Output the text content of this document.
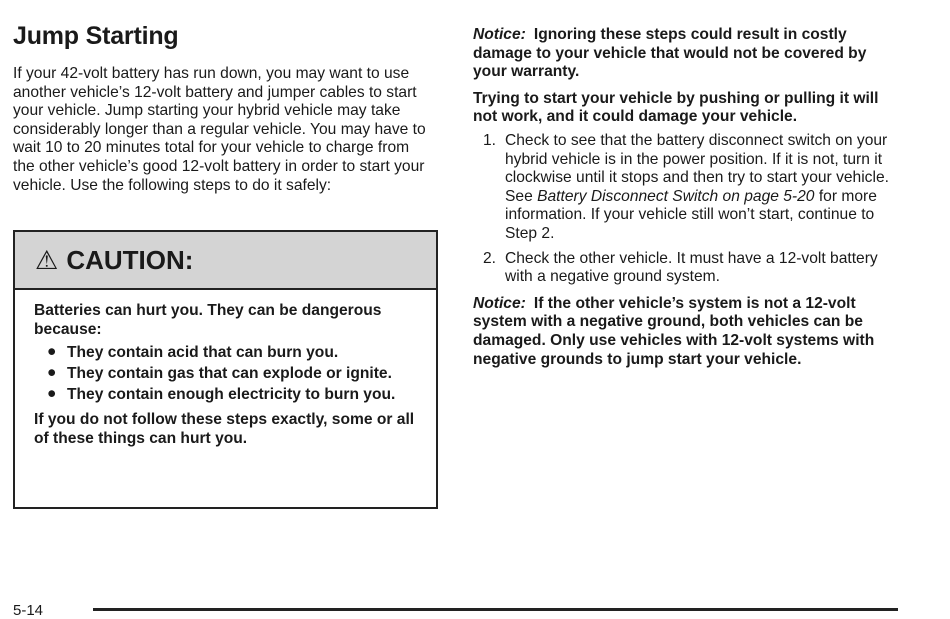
Jump Starting

If your 42-volt battery has run down, you may want to use another vehicle’s 12-volt battery and jumper cables to start your vehicle. Jump starting your hybrid vehicle may take considerably longer than a regular vehicle. You may have to wait 10 to 20 minutes total for your vehicle to charge from the other vehicle’s good 12-volt battery in order to start your vehicle. Use the following steps to do it safely:

⚠︎ CAUTION:

Batteries can hurt you. They can be dangerous because:

● They contain acid that can burn you.
● They contain gas that can explode or ignite.
● They contain enough electricity to burn you.

If you do not follow these steps exactly, some or all of these things can hurt you.

Notice: Ignoring these steps could result in costly damage to your vehicle that would not be covered by your warranty.

Trying to start your vehicle by pushing or pulling it will not work, and it could damage your vehicle.

1. Check to see that the battery disconnect switch on your hybrid vehicle is in the power position. If it is not, turn it clockwise until it stops and then try to start your vehicle. See Battery Disconnect Switch on page 5-20 for more information. If your vehicle still won’t start, continue to Step 2.
2. Check the other vehicle. It must have a 12-volt battery with a negative ground system.

Notice: If the other vehicle’s system is not a 12-volt system with a negative ground, both vehicles can be damaged. Only use vehicles with 12-volt systems with negative grounds to jump start your vehicle.

5-14
